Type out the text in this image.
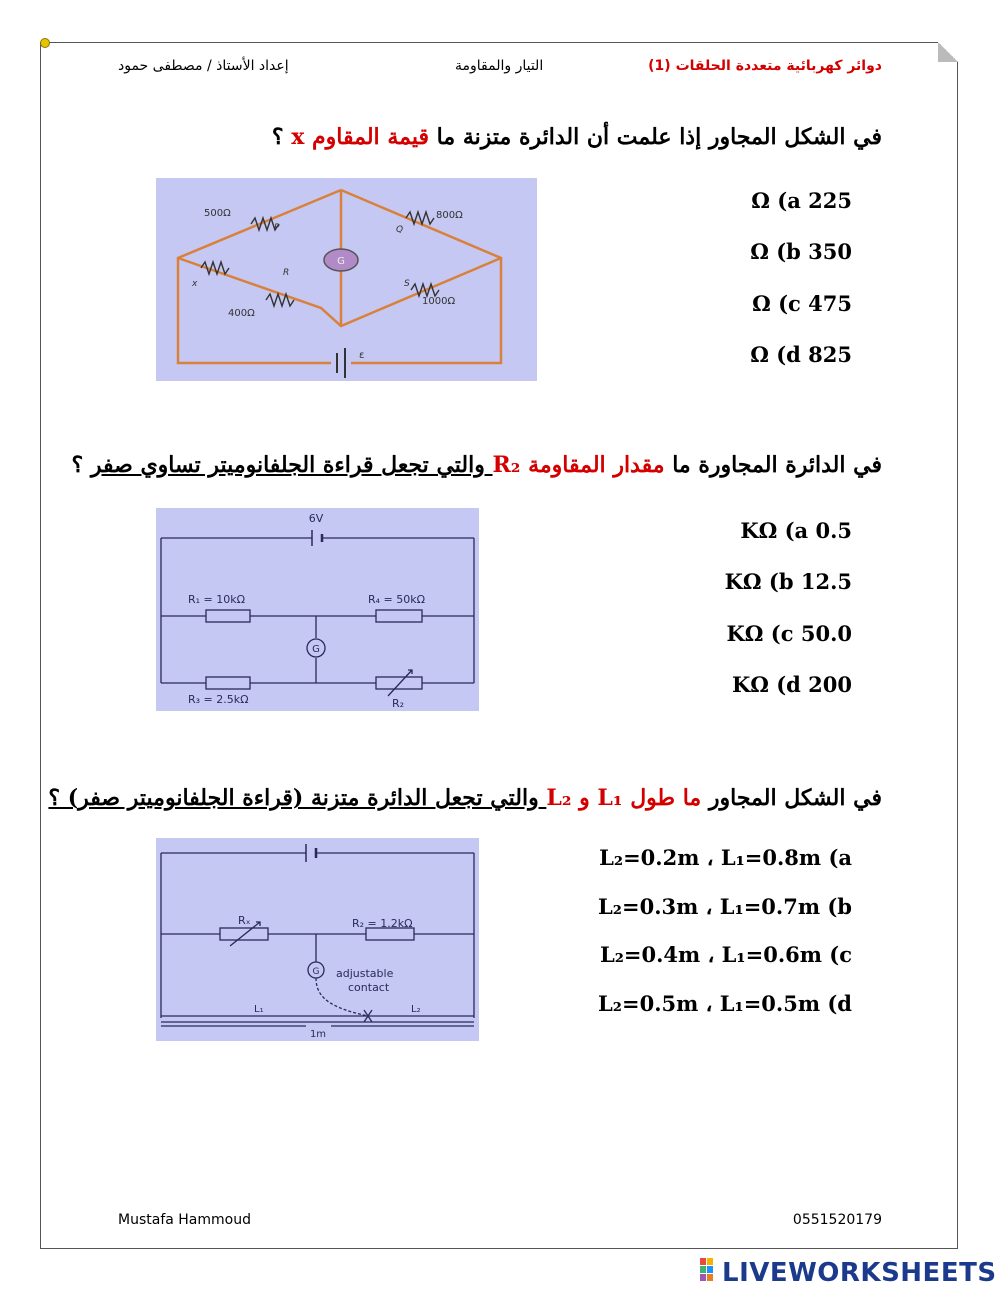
دوائر كهربائية متعددة الحلقات (1)
التيار والمقاومة
إعداد الأستاذ / مصطفى حمود
في الشكل المجاور إذا علمت أن الدائرة متزنة ما قيمة المقاوم x ؟
G
ε
500Ω
P
800Ω
Q
R
400Ω
x
1000Ω
S
225 Ω (a
350 Ω (b
475 Ω (c
825 Ω (d
في الدائرة المجاورة ما مقدار المقاومة R₂ والتي تجعل قراءة الجلفانوميتر تساوي صفر ؟
6V
G
R₁ = 10kΩ	R₄ = 50kΩ
R₃ = 2.5kΩ	R₂
0.5 KΩ (a
12.5 KΩ (b
50.0 KΩ (c
200 KΩ (d
في الشكل المجاور ما طول L₁ و L₂ والتي تجعل الدائرة متزنة (قراءة الجلفانوميتر صفر) ؟
G
Rₓ	R₂ = 1.2kΩ
adjustable
contact
L₁	L₂
1m
L₂=0.2m ، L₁=0.8m (a
L₂=0.3m ، L₁=0.7m (b
L₂=0.4m ، L₁=0.6m (c
L₂=0.5m ، L₁=0.5m (d
Mustafa Hammoud	0551520179
LIVEWORKSHEETS
